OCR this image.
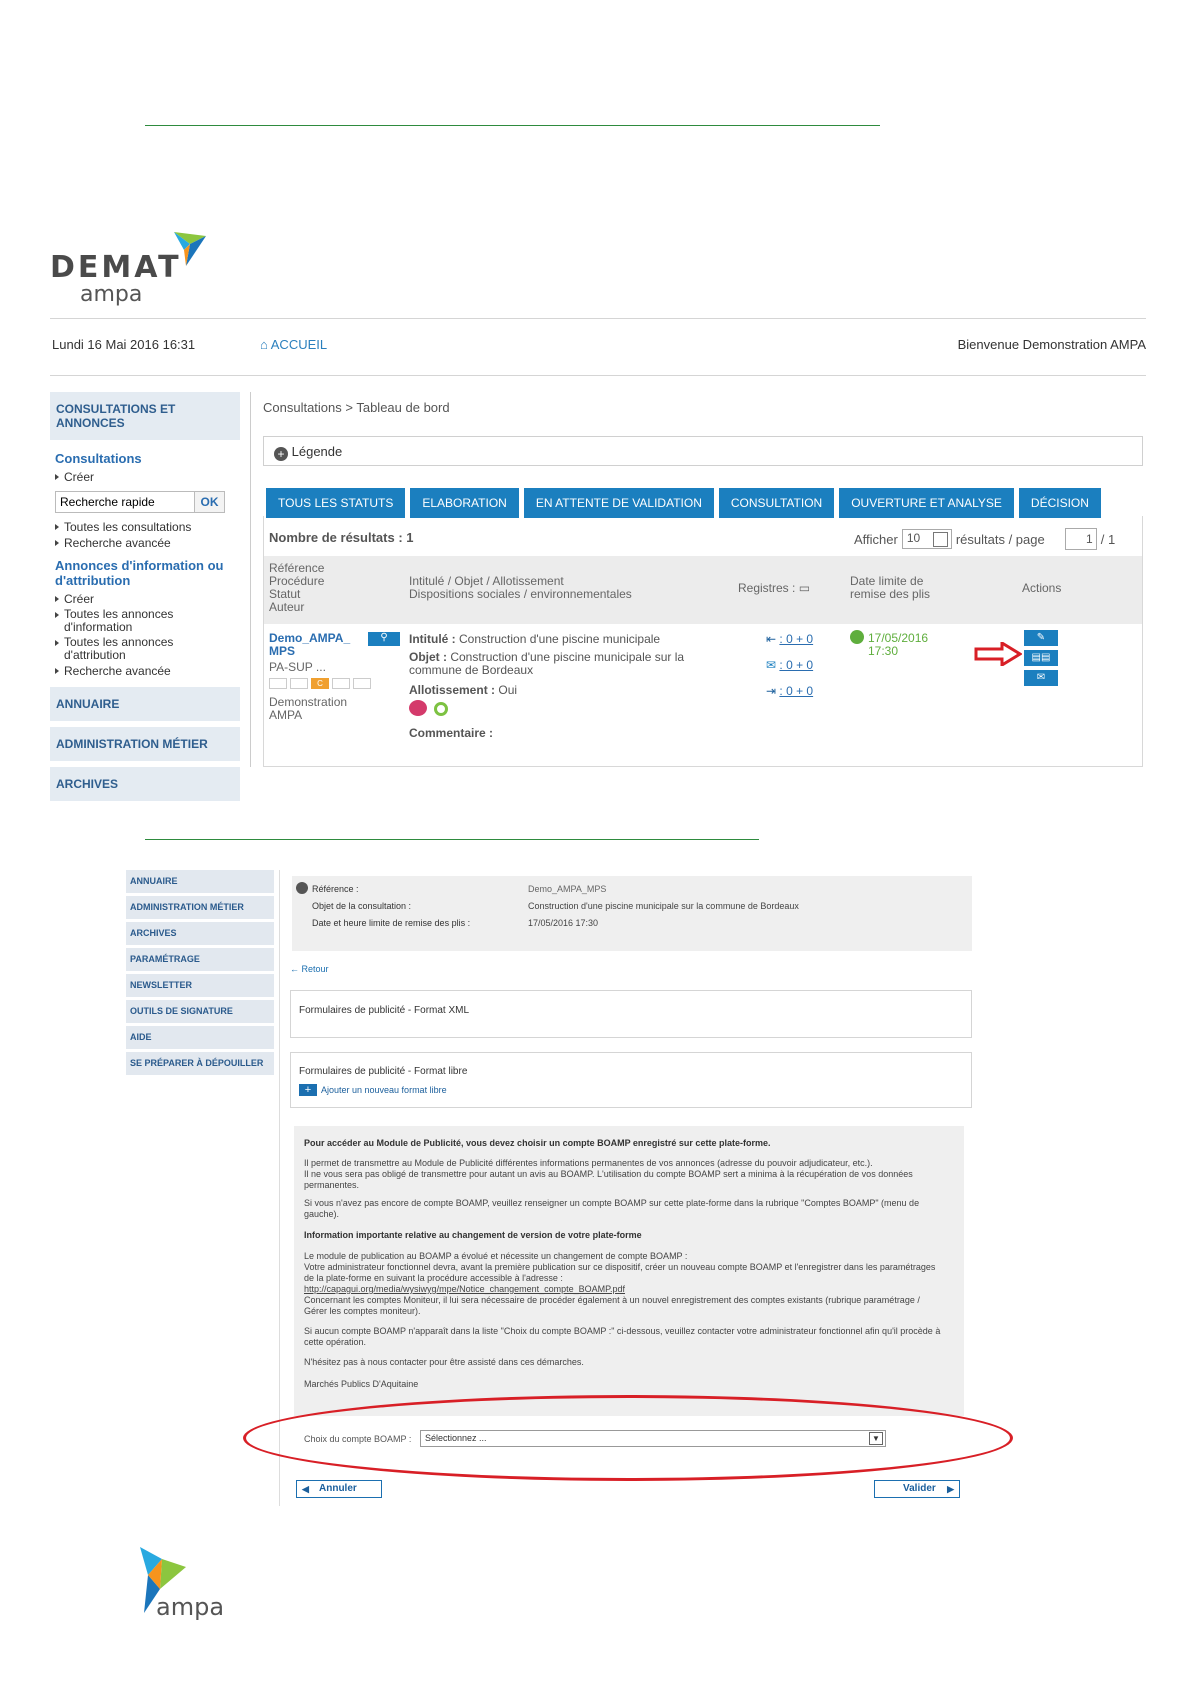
DEMAT
ampa
Lundi 16 Mai 2016 16:31	⌂ ACCUEIL	Bienvenue Demonstration AMPA
CONSULTATIONS ET ANNONCES
Consultations
Créer
Recherche rapide
OK
Toutes les consultations
Recherche avancée
Annonces d'information ou d'attribution
Créer
Toutes les annonces d'information
Toutes les annonces d'attribution
Recherche avancée
ANNUAIRE
ADMINISTRATION MÉTIER
ARCHIVES
Consultations > Tableau de bord
+ Légende
TOUS LES STATUTS	ELABORATION	EN ATTENTE DE VALIDATION	CONSULTATION	OUVERTURE ET ANALYSE	DÉCISION
Nombre de résultats : 1	Afficher 10	résultats / page	1 / 1
Référence
Procédure
Statut
Auteur
Intitulé / Objet / Allotissement
Dispositions sociales / environnementales	Registres : ▭	Date limite de remise des plis	Actions
Demo_AMPA_ MPS
⚲
PA-SUP ...
C
Demonstration AMPA
Intitulé : Construction d'une piscine municipale
Objet : Construction d'une piscine municipale sur la commune de Bordeaux
Allotissement : Oui
Commentaire :
⇤ : 0 + 0
✉ : 0 + 0
⇥ : 0 + 0
17/05/2016
17:30
✎
▤▤
✉
ANNUAIRE
ADMINISTRATION MÉTIER
ARCHIVES
PARAMÉTRAGE
NEWSLETTER
OUTILS DE SIGNATURE
AIDE
SE PRÉPARER À DÉPOUILLER
Référence :	Demo_AMPA_MPS
Objet de la consultation :	Construction d'une piscine municipale sur la commune de Bordeaux
Date et heure limite de remise des plis :	17/05/2016 17:30
← Retour
Formulaires de publicité - Format XML
Formulaires de publicité - Format libre
+	Ajouter un nouveau format libre
Pour accéder au Module de Publicité, vous devez choisir un compte BOAMP enregistré sur cette plate-forme.
Il permet de transmettre au Module de Publicité différentes informations permanentes de vos annonces (adresse du pouvoir adjudicateur, etc.).
Il ne vous sera pas obligé de transmettre pour autant un avis au BOAMP. L'utilisation du compte BOAMP sert a minima à la récupération de vos données permanentes.
Si vous n'avez pas encore de compte BOAMP, veuillez renseigner un compte BOAMP sur cette plate-forme dans la rubrique "Comptes BOAMP" (menu de gauche).
Information importante relative au changement de version de votre plate-forme
Le module de publication au BOAMP a évolué et nécessite un changement de compte BOAMP :
Votre administrateur fonctionnel devra, avant la première publication sur ce dispositif, créer un nouveau compte BOAMP et l'enregistrer dans les paramétrages de la plate-forme en suivant la procédure accessible à l'adresse :
http://capagui.org/media/wysiwyg/mpe/Notice_changement_compte_BOAMP.pdf
Concernant les comptes Moniteur, il lui sera nécessaire de procéder également à un nouvel enregistrement des comptes existants (rubrique paramétrage / Gérer les comptes moniteur).
Si aucun compte BOAMP n'apparaît dans la liste "Choix du compte BOAMP :" ci-dessous, veuillez contacter votre administrateur fonctionnel afin qu'il procède à cette opération.
N'hésitez pas à nous contacter pour être assisté dans ces démarches.
Marchés Publics D'Aquitaine
Choix du compte BOAMP :	Sélectionnez ...	▼
◀ Annuler	Valider ▶
ampa
